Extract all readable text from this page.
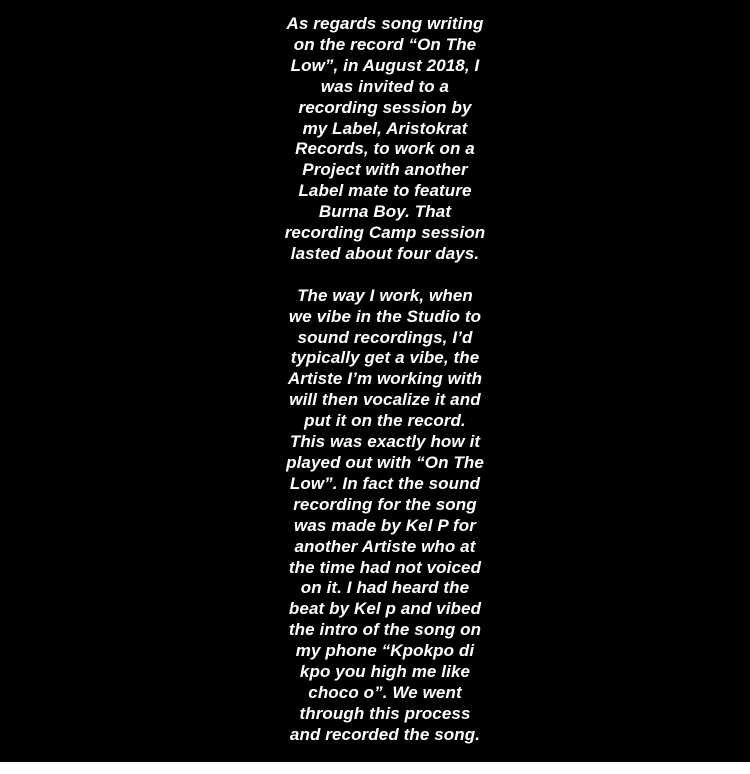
As regards song writing
on the record “On The
Low”, in August 2018, I
was invited to a
recording session by
my Label, Aristokrat
Records, to work on a
Project with another
Label mate to feature
Burna Boy. That
recording Camp session
lasted about four days.
The way I work, when
we vibe in the Studio to
sound recordings, I’d
typically get a vibe, the
Artiste I’m working with
will then vocalize it and
put it on the record.
This was exactly how it
played out with “On The
Low”. In fact the sound
recording for the song
was made by Kel P for
another Artiste who at
the time had not voiced
on it. I had heard the
beat by Kel p and vibed
the intro of the song on
my phone “Kpokpo di
kpo you high me like
choco o”. We went
through this process
and recorded the song.
